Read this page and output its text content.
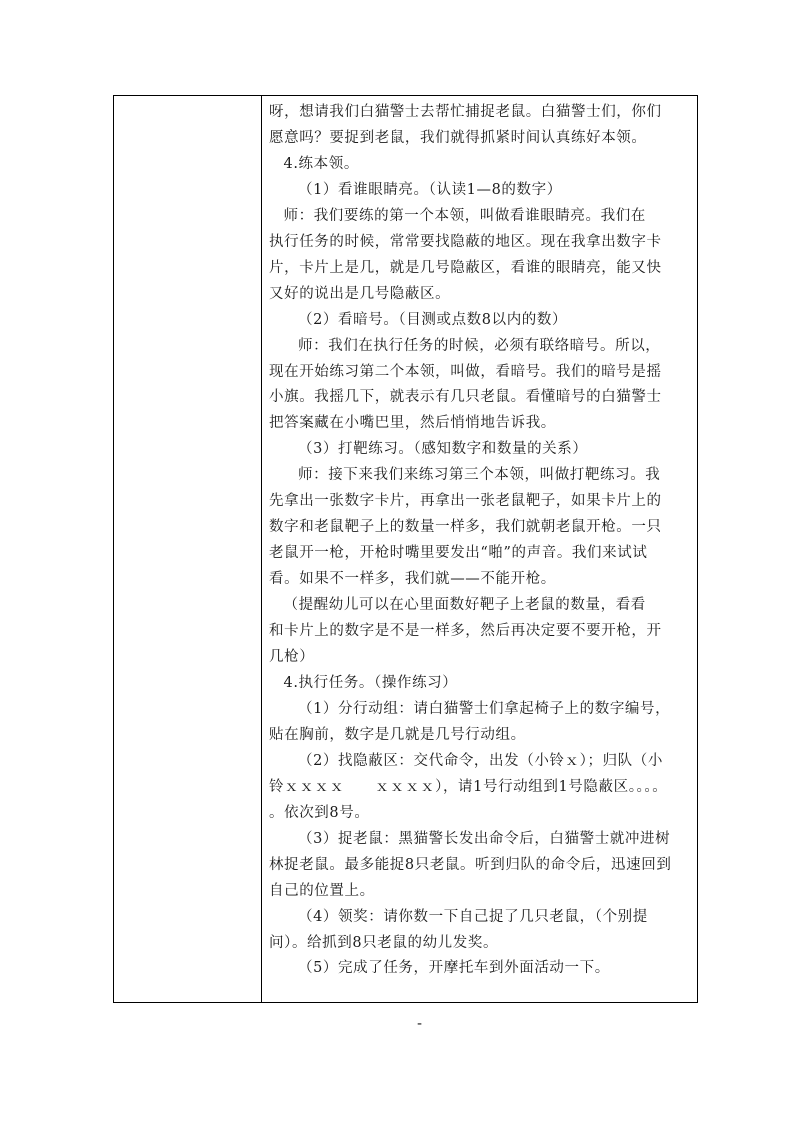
呀，想请我们白猫警士去帮忙捕捉老鼠。白猫警士们，你们

愿意吗？要捉到老鼠，我们就得抓紧时间认真练好本领。

4.练本领。

（1）看谁眼睛亮。（认读1—8的数字）

师：我们要练的第一个本领，叫做看谁眼睛亮。我们在

执行任务的时候，常常要找隐蔽的地区。现在我拿出数字卡

片，卡片上是几，就是几号隐蔽区，看谁的眼睛亮，能又快

又好的说出是几号隐蔽区。

（2）看暗号。（目测或点数8以内的数）

师：我们在执行任务的时候，必须有联络暗号。所以，

现在开始练习第二个本领，叫做，看暗号。我们的暗号是摇

小旗。我摇几下，就表示有几只老鼠。看懂暗号的白猫警士

把答案藏在小嘴巴里，然后悄悄地告诉我。

（3）打靶练习。（感知数字和数量的关系）

师：接下来我们来练习第三个本领，叫做打靶练习。我

先拿出一张数字卡片，再拿出一张老鼠靶子，如果卡片上的

数字和老鼠靶子上的数量一样多，我们就朝老鼠开枪。一只

老鼠开一枪，开枪时嘴里要发出“啪”的声音。我们来试试

看。如果不一样多，我们就——不能开枪。

（提醒幼儿可以在心里面数好靶子上老鼠的数量，看看

和卡片上的数字是不是一样多，然后再决定要不要开枪，开

几枪）

4.执行任务。（操作练习）

（1）分行动组：请白猫警士们拿起椅子上的数字编号，

贴在胸前，数字是几就是几号行动组。

（2）找隐蔽区：交代命令，出发（小铃ｘ）；归队（小

铃ｘｘｘｘ　　ｘｘｘｘ），请1号行动组到1号隐蔽区。。。。

。依次到8号。

（3）捉老鼠：黑猫警长发出命令后，白猫警士就冲进树

林捉老鼠。最多能捉8只老鼠。听到归队的命令后，迅速回到

自己的位置上。

（4）领奖：请你数一下自己捉了几只老鼠，（个别提

问）。给抓到8只老鼠的幼儿发奖。

（5）完成了任务，开摩托车到外面活动一下。

-
